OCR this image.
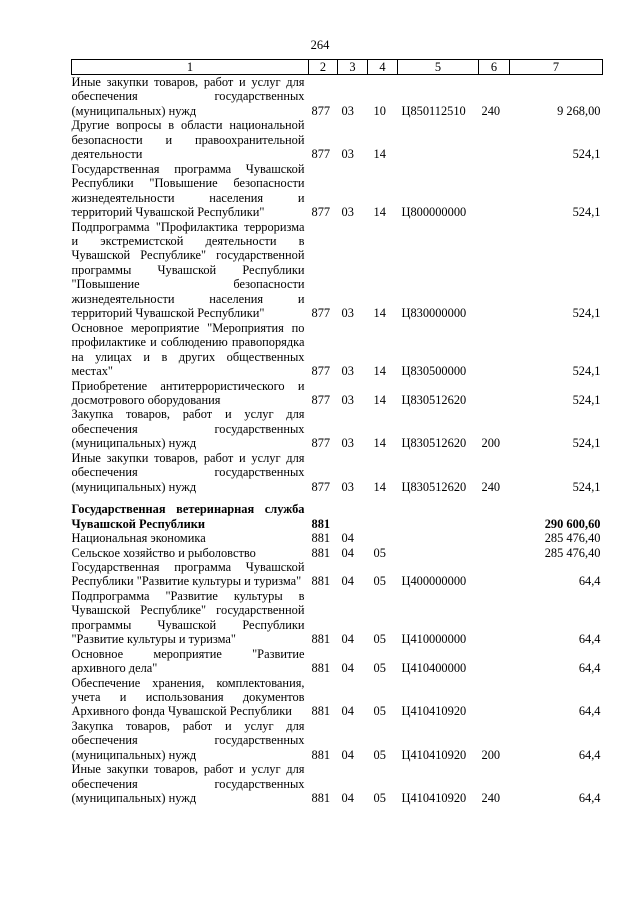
264
1	2	3	4	5	6	7
Иные закупки товаров, работ и услуг для обеспечения государственных (муниципальных) нужд	877	03	10	Ц850112510	240	9 268,00
Другие вопросы в области национальной безопасности и правоохранительной деятельности	877	03	14			524,1
Государственная программа Чувашской Республики "Повышение безопасности жизнедеятельности населения и территорий Чувашской Республики"	877	03	14	Ц800000000		524,1
Подпрограмма "Профилактика терроризма и экстремистской деятельности в Чувашской Республике" государственной программы Чувашской Республики "Повышение безопасности жизнедеятельности населения и территорий Чувашской Республики"	877	03	14	Ц830000000		524,1
Основное мероприятие "Мероприятия по профилактике и соблюдению правопорядка на улицах и в других общественных местах"	877	03	14	Ц830500000		524,1
Приобретение антитеррористического и досмотрового оборудования	877	03	14	Ц830512620		524,1
Закупка товаров, работ и услуг для обеспечения государственных (муниципальных) нужд	877	03	14	Ц830512620	200	524,1
Иные закупки товаров, работ и услуг для обеспечения государственных (муниципальных) нужд	877	03	14	Ц830512620	240	524,1

Государственная ветеринарная служба Чувашской Республики	881					290 600,60
Национальная экономика	881	04				285 476,40
Сельское хозяйство и рыболовство	881	04	05			285 476,40
Государственная программа Чувашской Республики "Развитие культуры и туризма"	881	04	05	Ц400000000		64,4
Подпрограмма "Развитие культуры в Чувашской Республике" государственной программы Чувашской Республики "Развитие культуры и туризма"	881	04	05	Ц410000000		64,4
Основное мероприятие "Развитие архивного дела"	881	04	05	Ц410400000		64,4
Обеспечение хранения, комплектования, учета и использования документов Архивного фонда Чувашской Республики	881	04	05	Ц410410920		64,4
Закупка товаров, работ и услуг для обеспечения государственных (муниципальных) нужд	881	04	05	Ц410410920	200	64,4
Иные закупки товаров, работ и услуг для обеспечения государственных (муниципальных) нужд	881	04	05	Ц410410920	240	64,4
